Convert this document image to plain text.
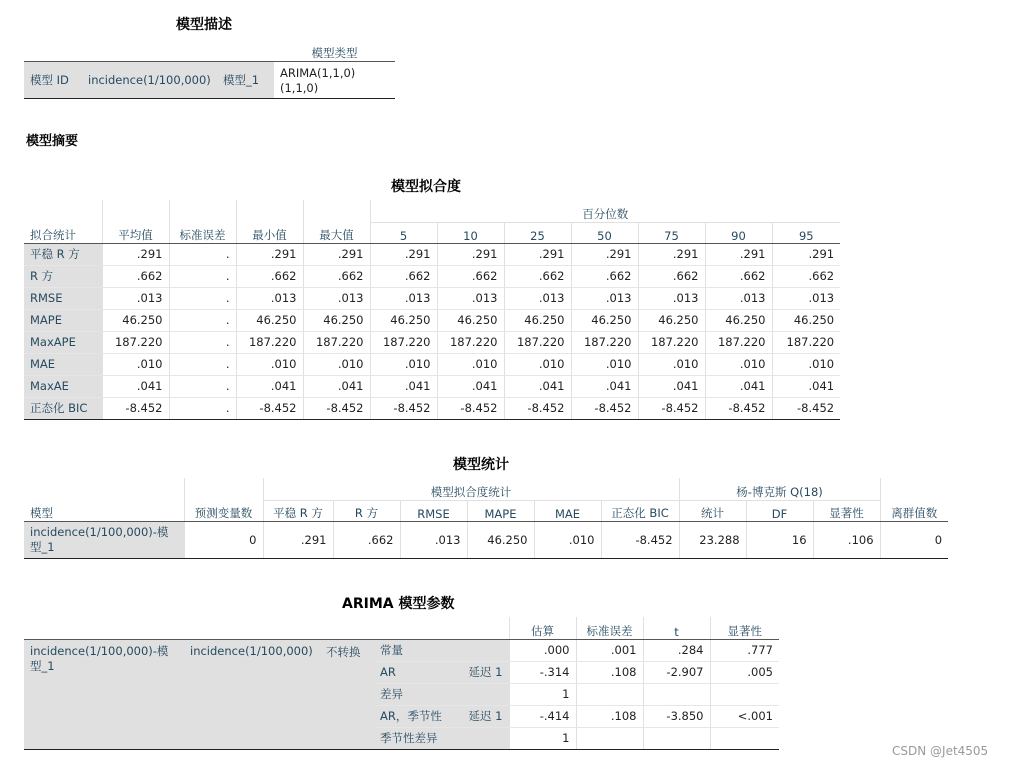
模型描述
			模型类型
模型 ID	incidence(1/100,000)	模型_1	ARIMA(1,1,0)
(1,1,0)
模型摘要
模型拟合度
					百分位数						
拟合统计	平均值	标准误差	最小值	最大值	5	10	25	50	75	90	95
平稳 R 方	.291	.	.291	.291	.291	.291	.291	.291	.291	.291	.291
R 方	.662	.	.662	.662	.662	.662	.662	.662	.662	.662	.662
RMSE	.013	.	.013	.013	.013	.013	.013	.013	.013	.013	.013
MAPE	46.250	.	46.250	46.250	46.250	46.250	46.250	46.250	46.250	46.250	46.250
MaxAPE	187.220	.	187.220	187.220	187.220	187.220	187.220	187.220	187.220	187.220	187.220
MAE	.010	.	.010	.010	.010	.010	.010	.010	.010	.010	.010
MaxAE	.041	.	.041	.041	.041	.041	.041	.041	.041	.041	.041
正态化 BIC	-8.452	.	-8.452	-8.452	-8.452	-8.452	-8.452	-8.452	-8.452	-8.452	-8.452
模型统计
		模型拟合度统计						杨-博克斯 Q(18)			
模型	预测变量数	平稳 R 方	R 方	RMSE	MAPE	MAE	正态化 BIC	统计	DF	显著性	离群值数

incidence(1/100,000)-模
型_1	0	.291	.662	.013	46.250	.010	-8.452	23.288	16	.106	0
ARIMA 模型参数
					估算	标准误差	t	显著性

incidence(1/100,000)-模
型_1	incidence(1/100,000)	不转换	常量		.000	.001	.284	.777
			AR	延迟 1	-.314	.108	-2.907	.005
			差异		1			
			AR，季节性	延迟 1	-.414	.108	-3.850	<.001
			季节性差异		1			
CSDN @Jet4505
